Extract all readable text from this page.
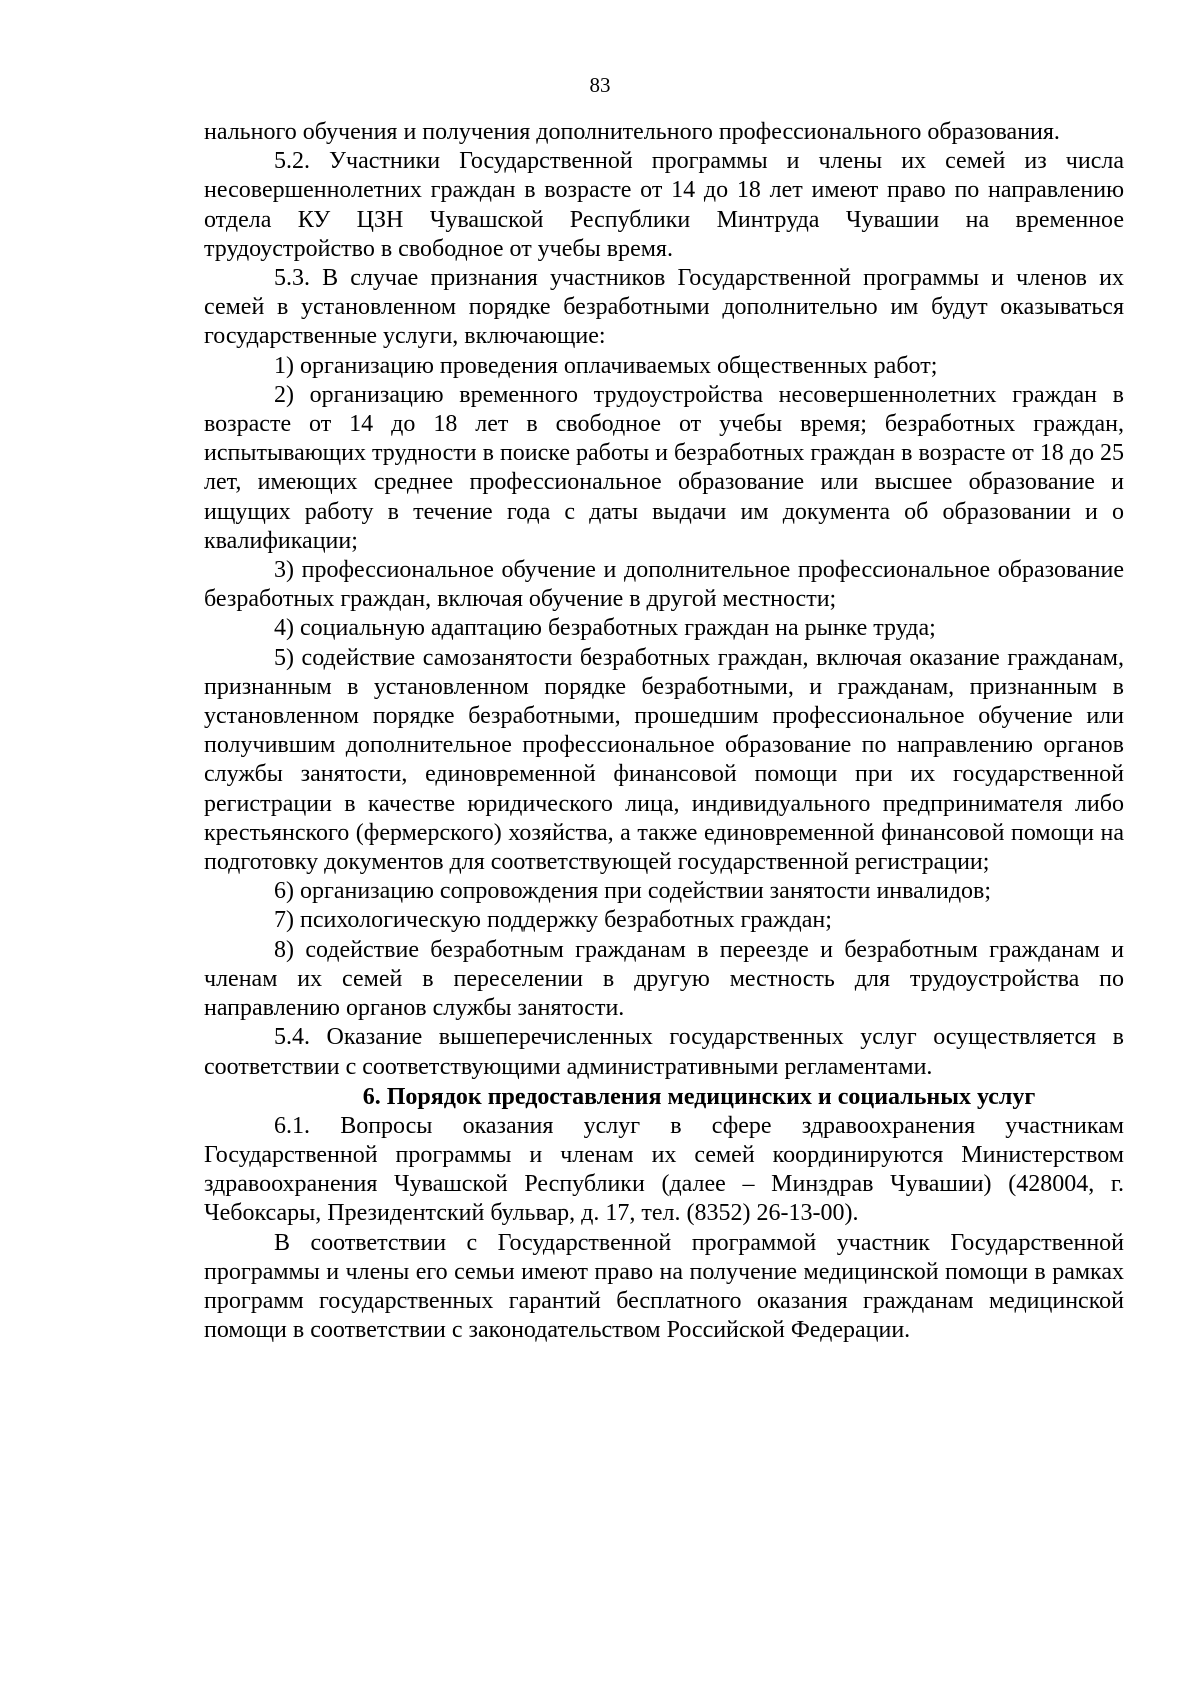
83

нального обучения и получения дополнительного профессионального образования.

5.2. Участники Государственной программы и члены их семей из числа несовершеннолетних граждан в возрасте от 14 до 18 лет имеют право по направлению отдела КУ ЦЗН Чувашской Республики Минтруда Чувашии на временное трудоустройство в свободное от учебы время.

5.3. В случае признания участников Государственной программы и членов их семей в установленном порядке безработными дополнительно им будут оказываться государственные услуги, включающие:

1) организацию проведения оплачиваемых общественных работ;

2) организацию временного трудоустройства несовершеннолетних граждан в возрасте от 14 до 18 лет в свободное от учебы время; безработных граждан, испытывающих трудности в поиске работы и безработных граждан в возрасте от 18 до 25 лет, имеющих среднее профессиональное образование или высшее образование и ищущих работу в течение года с даты выдачи им документа об образовании и о квалификации;

3) профессиональное обучение и дополнительное профессиональное образование безработных граждан, включая обучение в другой местности;

4) социальную адаптацию безработных граждан на рынке труда;

5) содействие самозанятости безработных граждан, включая оказание гражданам, признанным в установленном порядке безработными, и гражданам, признанным в установленном порядке безработными, прошедшим профессиональное обучение или получившим дополнительное профессиональное образование по направлению органов службы занятости, единовременной финансовой помощи при их государственной регистрации в качестве юридического лица, индивидуального предпринимателя либо крестьянского (фермерского) хозяйства, а также единовременной финансовой помощи на подготовку документов для соответствующей государственной регистрации;

6) организацию сопровождения при содействии занятости инвалидов;

7) психологическую поддержку безработных граждан;

8) содействие безработным гражданам в переезде и безработным гражданам и членам их семей в переселении в другую местность для трудоустройства по направлению органов службы занятости.

5.4. Оказание вышеперечисленных государственных услуг осуществляется в соответствии с соответствующими административными регламентами.

6. Порядок предоставления медицинских и социальных услуг

6.1. Вопросы оказания услуг в сфере здравоохранения участникам Государственной программы и членам их семей координируются Министерством здравоохранения Чувашской Республики (далее – Минздрав Чувашии) (428004, г. Чебоксары, Президентский бульвар, д. 17, тел. (8352) 26-13-00).

В соответствии с Государственной программой участник Государственной программы и члены его семьи имеют право на получение медицинской помощи в рамках программ государственных гарантий бесплатного оказания гражданам медицинской помощи в соответствии с законодательством Российской Федерации.
